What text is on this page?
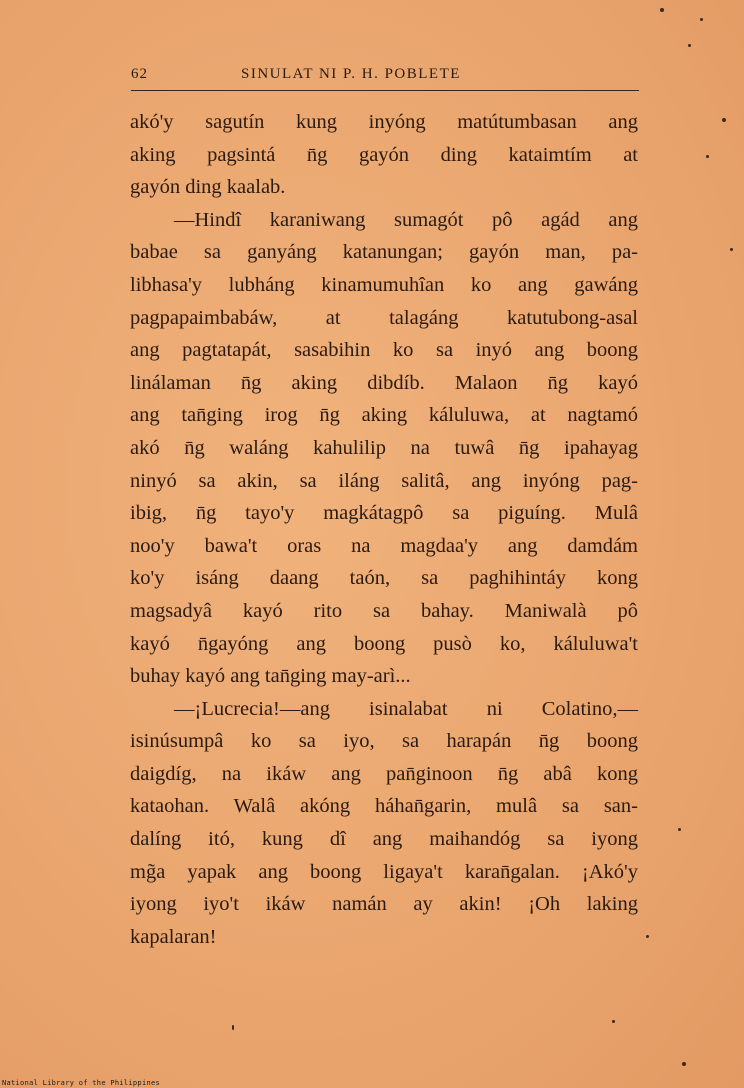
62	SINULAT NI P. H. POBLETE
akó'y sagutín kung inyóng matútumbasan ang
aking pagsintá n̄g gayón ding kataimtím at
gayón ding kaalab.
—Hindî karaniwang sumagót pô agád ang
babae sa ganyáng katanungan; gayón man, pa-
libhasa'y lubháng kinamumuhîan ko ang gawáng
pagpapaimbabáw, at talagáng katutubong-asal
ang pagtatapát, sasabihin ko sa inyó ang boong
linálaman n̄g aking dibdíb. Malaon n̄g kayó
ang tan̄ging irog n̄g aking káluluwa, at nagtamó
akó n̄g waláng kahulilip na tuwâ n̄g ipahayag
ninyó sa akin, sa iláng salitâ, ang inyóng pag-
ibig, n̄g tayo'y magkátagpô sa piguíng. Mulâ
noo'y bawa't oras na magdaa'y ang damdám
ko'y isáng daang taón, sa paghihintáy kong
magsadyâ kayó rito sa bahay. Maniwalà pô
kayó n̄gayóng ang boong pusò ko, káluluwa't
buhay kayó ang tan̄ging may-arì...
—¡Lucrecia!—ang isinalabat ni Colatino,—
isinúsumpâ ko sa iyo, sa harapán n̄g boong
daigdíg, na ikáw ang pan̄ginoon n̄g abâ kong
kataohan. Walâ akóng háhan̄garin, mulâ sa san-
dalíng itó, kung dî ang maihandóg sa iyong
mg̃a yapak ang boong ligaya't karan̄galan. ¡Akó'y
iyong iyo't ikáw namán ay akin! ¡Oh laking
kapalaran!
National Library of the Philippines
